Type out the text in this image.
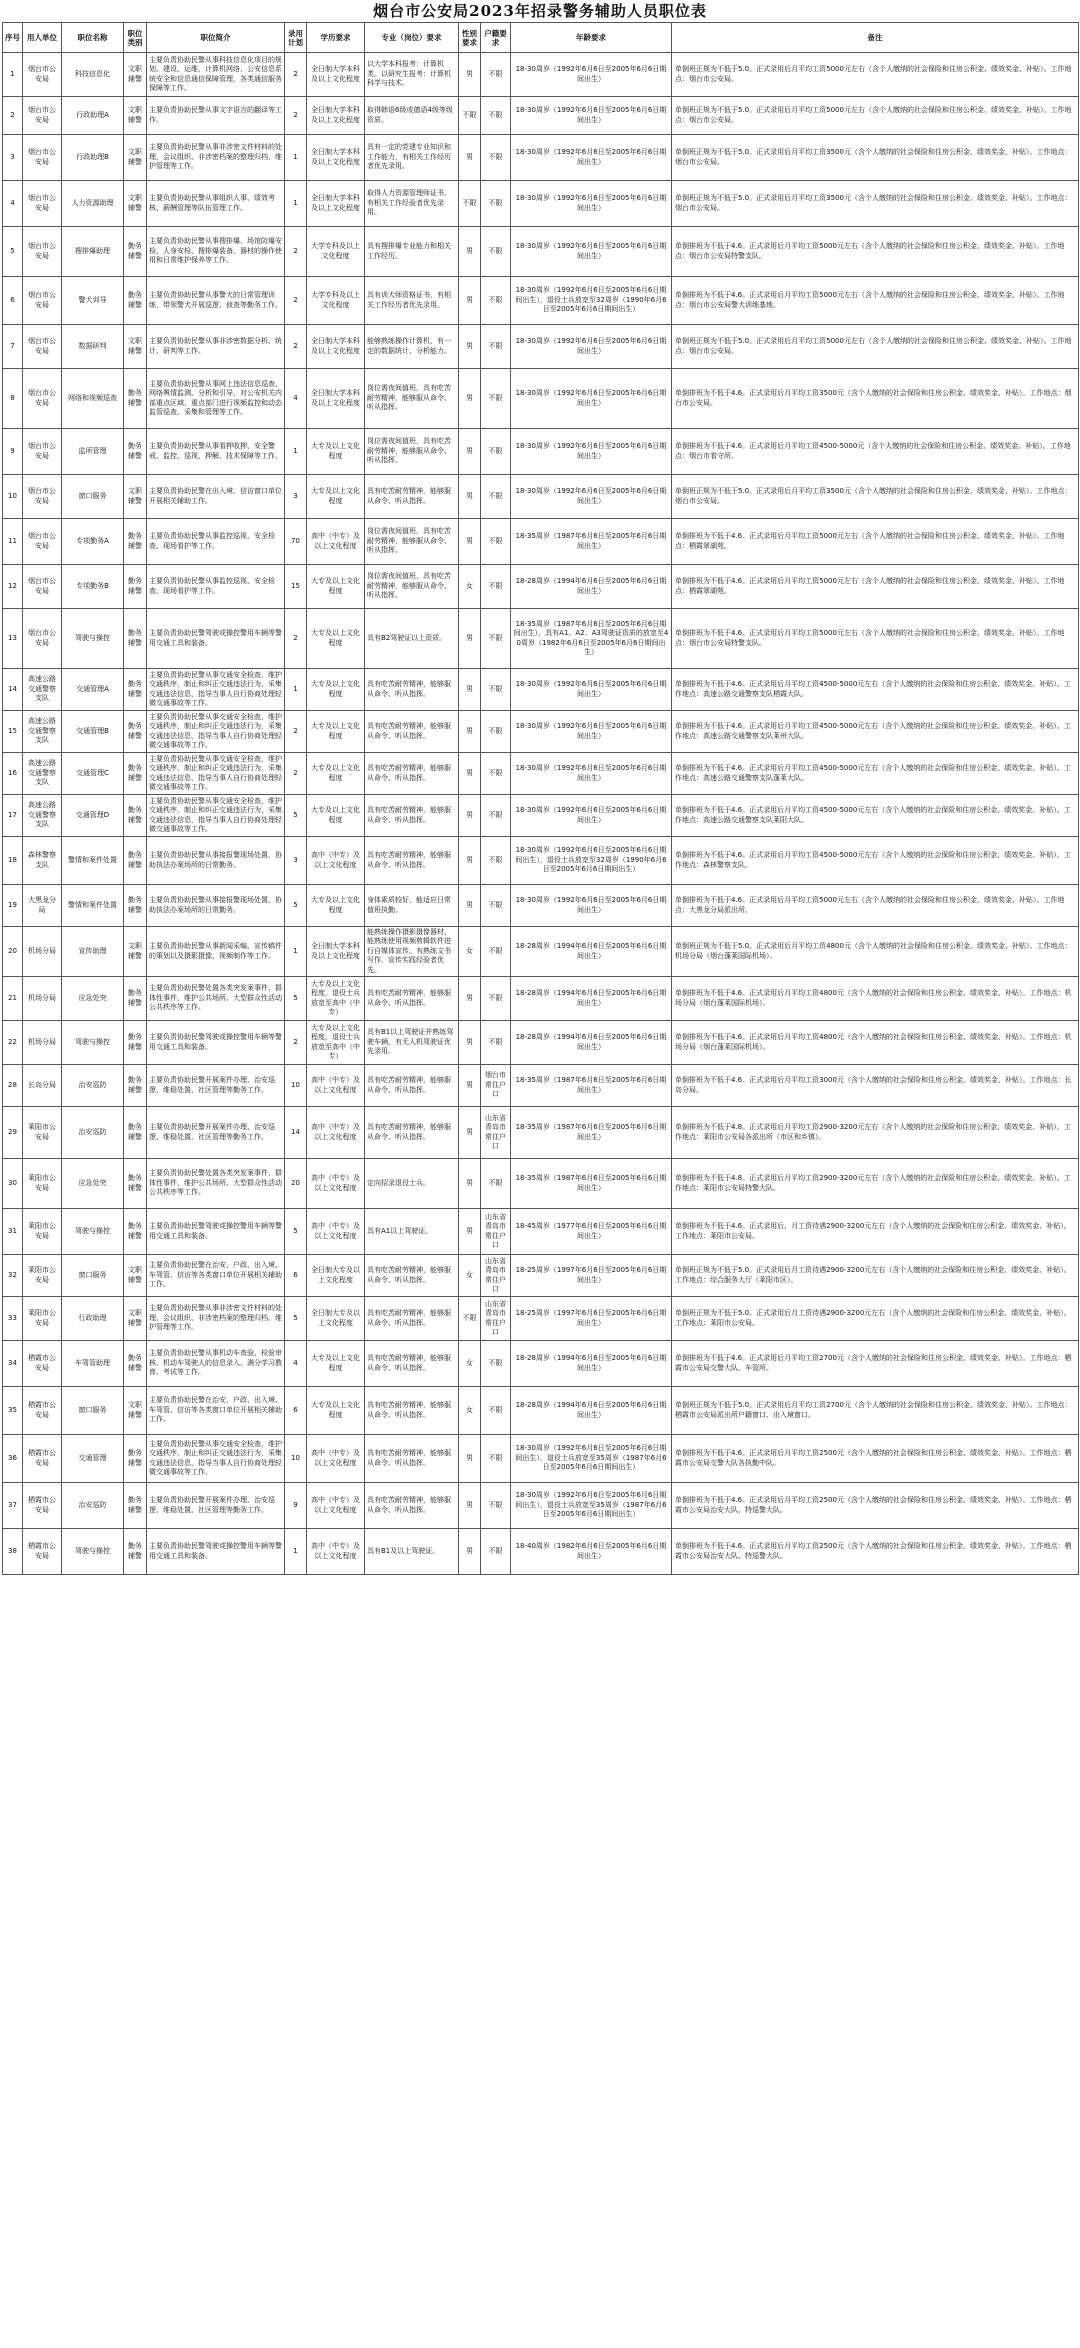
烟台市公安局2023年招录警务辅助人员职位表
序号	用人单位	职位名称	职位类别	职位简介	录用计划	学历要求	专业（岗位）要求	性别要求	户籍要求	年龄要求	备注
1	烟台市公安局	科技信息化	文职辅警	主要负责协助民警从事科技信息化项目的规划、建设、运维，计算机网络、公安信息系统安全和信息通信保障管理，各类通信服务保障等工作。	2	全日制大学本科及以上文化程度	以大学本科报考：计算机类。以研究生报考：计算机科学与技术。	男	不限	18-30周岁（1992年6月6日至2005年6月6日期间出生）	单倒班正规为不低于5.0。正式录用后月平均工资5000元左右（含个人缴纳的社会保险和住房公积金、绩效奖金、补贴）。工作地点：烟台市公安局。
2	烟台市公安局	行政助理A	文职辅警	主要负责协助民警从事文字语言的翻译等工作。	2	全日制大学本科及以上文化程度	取得韩语6级或德语4级等级资质。	不限	不限	18-30周岁（1992年6月6日至2005年6月6日期间出生）	单倒班正规为不低于5.0。正式录用后月平均工资5000元左右（含个人缴纳的社会保险和住房公积金、绩效奖金、补贴）。工作地点：烟台市公安局。
3	烟台市公安局	行政助理B	文职辅警	主要负责协助民警从事非涉密文件材料的处理、会议组织、非涉密档案的整理归档、维护管理等工作。	1	全日制大学本科及以上文化程度	具有一定的党建专业知识和工作能力，有相关工作经历者优先录用。	男	不限	18-30周岁（1992年6月6日至2005年6月6日期间出生）	单倒班正规为不低于5.0。正式录用后月平均工资3500元（含个人缴纳的社会保险和住房公积金、绩效奖金、补贴）。工作地点：烟台市公安局。
4	烟台市公安局	人力资源助理	文职辅警	主要负责协助民警从事组织人事、绩效考核、薪酬管理等队伍管理工作。	1	全日制大学本科及以上文化程度	取得人力资源管理师证书，有相关工作经验者优先录用。	不限	不限	18-30周岁（1992年6月6日至2005年6月6日期间出生）	单倒班正规为不低于5.0。正式录用后月平均工资3500元（含个人缴纳的社会保险和住房公积金、绩效奖金、补贴）。工作地点：烟台市公安局。
5	烟台市公安局	搜排爆助理	勤务辅警	主要负责协助民警从事搜排爆、场馆防爆安检、人身安检、搜排爆装备、器材的操作使用和日常维护保养等工作。	2	大学专科及以上文化程度	具有搜排爆专业能力和相关工作经历。	男	不限	18-30周岁（1992年6月6日至2005年6月6日期间出生）	单倒排班为不低于4.6。正式录用后月平均工资5000元左右（含个人缴纳的社会保险和住房公积金、绩效奖金、补贴）。工作地点：烟台市公安局特警支队。
6	烟台市公安局	警犬训导	勤务辅警	主要负责协助民警从事警犬的日常管理训练，带领警犬开展巡逻、侦查等勤务工作。	2	大学专科及以上文化程度	具有训犬师资格证书，有相关工作经历者优先录用。	男	不限	18-30周岁（1992年6月6日至2005年6月6日期间出生），退役士兵放宽至32周岁（1990年6月6日至2005年6月6日期间出生）	单倒排班为不低于4.6。正式录用后月平均工资5000元左右（含个人缴纳的社会保险和住房公积金、绩效奖金、补贴）。工作地点：烟台市公安局警犬训练基地。
7	烟台市公安局	数据研判	文职辅警	主要负责协助民警从事非涉密数据分析、统计、研判等工作。	2	全日制大学本科及以上文化程度	能够熟练操作计算机，有一定的数据统计、分析能力。	男	不限	18-30周岁（1992年6月6日至2005年6月6日期间出生）	单倒班正规为不低于5.0。正式录用后月平均工资5000元左右（含个人缴纳的社会保险和住房公积金、绩效奖金、补贴）。工作地点：烟台市公安局。
8	烟台市公安局	网络和视频巡查	勤务辅警	主要负责协助民警从事网上违法信息巡查、网络舆情监测、分析和引导，对公安机关内部重点区域、重点部门进行视频监控和动态监管巡查、采集和管理等工作。	4	全日制大学本科及以上文化程度	岗位需夜间值班，具有吃苦耐劳精神，能够服从命令、听从指挥。	男	不限	18-30周岁（1992年6月6日至2005年6月6日期间出生）	单倒排班为不低于4.6。正式录用后月平均工资3500元（含个人缴纳的社会保险和住房公积金、绩效奖金、补贴）。工作地点：烟台市公安局。
9	烟台市公安局	监所管理	勤务辅警	主要负责协助民警从事看押收押、安全警戒、监控、巡视、押解、技术保障等工作。	1	大专及以上文化程度	岗位需夜间值班，具有吃苦耐劳精神，能够服从命令、听从指挥。	男	不限	18-30周岁（1992年6月6日至2005年6月6日期间出生）	单倒排班为不低于4.6。正式录用后月平均工资4500-5000元（含个人缴纳的社会保险和住房公积金、绩效奖金、补贴）。工作地点：烟台市看守所。
10	烟台市公安局	窗口服务	文职辅警	主要负责协助民警在出入境、信访窗口单位开展相关辅助工作。	3	大专及以上文化程度	具有吃苦耐劳精神，能够服从命令、听从指挥。	男	不限	18-30周岁（1992年6月6日至2005年6月6日期间出生）	单倒班正规为不低于5.0。正式录用后月平均工资3500元（含个人缴纳的社会保险和住房公积金、绩效奖金、补贴）。工作地点：烟台市公安局。
11	烟台市公安局	专项勤务A	勤务辅警	主要负责协助民警从事监控巡视、安全检查、现场看护等工作。	70	高中（中专）及以上文化程度	岗位需夜间值班，具有吃苦耐劳精神，能够服从命令、听从指挥。	男	不限	18-35周岁（1987年6月6日至2005年6月6日期间出生）	单倒排班为不低于4.6。正式录用后月平均工资5000元左右（含个人缴纳的社会保险和住房公积金、绩效奖金、补贴）。工作地点：栖霞翠湖苑。
12	烟台市公安局	专项勤务B	勤务辅警	主要负责协助民警从事监控巡视、安全检查、现场看护等工作。	15	大专及以上文化程度	岗位需夜间值班，具有吃苦耐劳精神，能够服从命令、听从指挥。	女	不限	18-28周岁（1994年6月6日至2005年6月6日期间出生）	单倒排班为不低于4.6。正式录用后月平均工资5000元左右（含个人缴纳的社会保险和住房公积金、绩效奖金、补贴）。工作地点：栖霞翠湖苑。
13	烟台市公安局	驾驶与操控	勤务辅警	主要负责协助民警驾驶或操控警用车辆等警用交通工具和装备。	2	大专及以上文化程度	具有B2驾驶证以上资质。	男	不限	18-35周岁（1987年6月6日至2005年6月6日期间出生），具有A1、A2、A3驾驶证资质的放宽至40周岁（1982年6月6日至2005年6月6日期间出生）	单倒排班为不低于4.6。正式录用后月平均工资5000元左右（含个人缴纳的社会保险和住房公积金、绩效奖金、补贴）。工作地点：烟台市公安局特警支队。
14	高速公路交通警察支队	交通管理A	勤务辅警	主要负责协助民警从事交通安全检查，维护交通秩序，制止和纠正交通违法行为，采集交通违法信息，指导当事人自行协商处理轻微交通事故等工作。	1	大专及以上文化程度	具有吃苦耐劳精神，能够服从命令、听从指挥。	男	不限	18-30周岁（1992年6月6日至2005年6月6日期间出生）	单倒排班为不低于4.6。正式录用后月平均工资4500-5000元左右（含个人缴纳的社会保险和住房公积金、绩效奖金、补贴）。工作地点：高速公路交通警察支队栖霞大队。
15	高速公路交通警察支队	交通管理B	勤务辅警	主要负责协助民警从事交通安全检查，维护交通秩序，制止和纠正交通违法行为，采集交通违法信息，指导当事人自行协商处理轻微交通事故等工作。	2	大专及以上文化程度	具有吃苦耐劳精神，能够服从命令、听从指挥。	男	不限	18-30周岁（1992年6月6日至2005年6月6日期间出生）	单倒排班为不低于4.6。正式录用后月平均工资4500-5000元左右（含个人缴纳的社会保险和住房公积金、绩效奖金、补贴）。工作地点：高速公路交通警察支队莱州大队。
16	高速公路交通警察支队	交通管理C	勤务辅警	主要负责协助民警从事交通安全检查，维护交通秩序，制止和纠正交通违法行为，采集交通违法信息，指导当事人自行协商处理轻微交通事故等工作。	2	大专及以上文化程度	具有吃苦耐劳精神，能够服从命令、听从指挥。	男	不限	18-30周岁（1992年6月6日至2005年6月6日期间出生）	单倒排班为不低于4.6。正式录用后月平均工资4500-5000元左右（含个人缴纳的社会保险和住房公积金、绩效奖金、补贴）。工作地点：高速公路交通警察支队蓬莱大队。
17	高速公路交通警察支队	交通管理D	勤务辅警	主要负责协助民警从事交通安全检查，维护交通秩序，制止和纠正交通违法行为，采集交通违法信息，指导当事人自行协商处理轻微交通事故等工作。	5	大专及以上文化程度	具有吃苦耐劳精神，能够服从命令、听从指挥。	男	不限	18-30周岁（1992年6月6日至2005年6月6日期间出生）	单倒排班为不低于4.6。正式录用后月平均工资4500-5000元左右（含个人缴纳的社会保险和住房公积金、绩效奖金、补贴）。工作地点：高速公路交通警察支队莱阳大队。
18	森林警察支队	警情和案件处置	勤务辅警	主要负责协助民警从事接报警现场处置，协助执法办案场所的日常勤务。	3	高中（中专）及以上文化程度	具有吃苦耐劳精神，能够服从命令、听从指挥。	男	不限	18-30周岁（1992年6月6日至2005年6月6日期间出生），退役士兵放宽至32周岁（1990年6月6日至2005年6月6日期间出生）	单倒排班为不低于4.6。正式录用后月平均工资4500-5000元左右（含个人缴纳的社会保险和住房公积金、绩效奖金、补贴）。工作地点：森林警察支队。
19	大黑龙分局	警情和案件处置	勤务辅警	主要负责协助民警从事接报警现场处置，协助执法办案场所的日常勤务。	5	大专及以上文化程度	身体素质较好，能适应日常值班执勤。	男	不限	18-30周岁（1992年6月6日至2005年6月6日期间出生）	单倒排班为不低于4.6。正式录用后月平均工资5000元左右（含个人缴纳的社会保险和住房公积金、绩效奖金、补贴）。工作地点：大黑龙分局派出所。
20	机场分局	宣传助理	文职辅警	主要负责协助民警从事新闻采编、宣传稿件的策划以及摄影摄像、视频制作等工作。	1	全日制大学本科及以上文化程度	能熟练操作摄影摄像器材，能熟练使用视频剪辑软件进行自媒体宣传。有熟练文书写作、宣传实践经验者优先。	女	不限	18-28周岁（1994年6月6日至2005年6月6日期间出生）	单倒班正规为不低于5.0。正式录用后月平均工资4800元（含个人缴纳的社会保险和住房公积金、绩效奖金、补贴）。工作地点：机场分局（烟台蓬莱国际机场）。
21	机场分局	应急处突	勤务辅警	主要负责协助民警处置各类突发案事件、群体性事件，维护公共场所、大型群众性活动公共秩序等工作。	5	大专及以上文化程度，退役士兵放宽至高中（中专）	具有吃苦耐劳精神，能够服从命令、听从指挥。	男	不限	18-28周岁（1994年6月6日至2005年6月6日期间出生）	单倒排班为不低于4.6。正式录用后月平均工资4800元（含个人缴纳的社会保险和住房公积金、绩效奖金、补贴）。工作地点：机场分局（烟台蓬莱国际机场）。
22	机场分局	驾驶与操控	勤务辅警	主要负责协助民警驾驶或操控警用车辆等警用交通工具和装备。	2	大专及以上文化程度，退役士兵放宽至高中（中专）	具有B1以上驾驶证并熟练驾驶车辆，有无人机驾驶证优先录用。	男	不限	18-28周岁（1994年6月6日至2005年6月6日期间出生）	单倒排班为不低于4.6。正式录用后月平均工资4800元（含个人缴纳的社会保险和住房公积金、绩效奖金、补贴）。工作地点：机场分局（烟台蓬莱国际机场）。
28	长岛分局	治安巡防	勤务辅警	主要负责协助民警开展案件办理、治安巡逻、维稳处置、社区管理等勤务工作。	10	高中（中专）及以上文化程度	具有吃苦耐劳精神，能够服从命令、听从指挥。	男	烟台市常住户口	18-35周岁（1987年6月6日至2005年6月6日期间出生）	单倒排班为不低于4.6。正式录用后月平均工资3000元（含个人缴纳的社会保险和住房公积金、绩效奖金、补贴）。工作地点：长岛分局。
29	莱阳市公安局	治安巡防	勤务辅警	主要负责协助民警开展案件办理、治安巡逻、维稳处置、社区管理等勤务工作。	14	高中（中专）及以上文化程度	具有吃苦耐劳精神，能够服从命令、听从指挥。	男	山东省青岛市常住户口	18-35周岁（1987年6月6日至2005年6月6日期间出生）	单倒排班为不低于4.8。正式录用后月平均工资2900-3200元左右（含个人缴纳的社会保险和住房公积金、绩效奖金、补贴）。工作地点：莱阳市公安局各派出所（市区和乡镇）。
30	莱阳市公安局	应急处突	勤务辅警	主要负责协助民警处置各类突发案事件、群体性事件，维护公共场所、大型群众性活动公共秩序等工作。	20	高中（中专）及以上文化程度	定向招录退役士兵。	男	不限	18-35周岁（1987年6月6日至2005年6月6日期间出生）	单倒排班为不低于4.8。正式录用后月平均工资2900-3200元左右（含个人缴纳的社会保险和住房公积金、绩效奖金、补贴）。工作地点：莱阳市公安局特警大队。
31	莱阳市公安局	驾驶与操控	勤务辅警	主要负责协助民警驾驶或操控警用车辆等警用交通工具和装备。	5	高中（中专）及以上文化程度	具有A1以上驾驶证。	男	山东省青岛市常住户口	18-45周岁（1977年6月6日至2005年6月6日期间出生）	单倒排班为不低于4.6。正式录用后，月工资待遇2900-3200元左右（含个人缴纳的社会保险和住房公积金、绩效奖金、补贴）。工作地点：莱阳市公安局。
32	莱阳市公安局	窗口服务	文职辅警	主要负责协助民警在治安、户政、出入境、车驾管、信访等各类窗口单位开展相关辅助工作。	6	全日制大专及以上文化程度	具有吃苦耐劳精神，能够服从命令、听从指挥。	女	山东省青岛市常住户口	18-25周岁（1997年6月6日至2005年6月6日期间出生）	单倒班正规为不低于5.0。正式录用后月工资待遇2900-3200元左右（含个人缴纳的社会保险和住房公积金、绩效奖金、补贴）。工作地点：综合服务大厅（莱阳市区）。
33	莱阳市公安局	行政助理	文职辅警	主要负责协助民警从事非涉密文件材料的处理、会议组织、非涉密档案的整理归档、维护管理等工作。	5	全日制大专及以上文化程度	具有吃苦耐劳精神，能够服从命令、听从指挥。	不限	山东省青岛市常住户口	18-25周岁（1997年6月6日至2005年6月6日期间出生）	单倒班正规为不低于5.0。正式录用后月工资待遇2900-3200元左右（含个人缴纳的社会保险和住房公积金、绩效奖金、补贴）。工作地点：莱阳市公安局。
34	栖霞市公安局	车驾管助理	勤务辅警	主要负责协助民警从事机动车查验、检验审核、机动车驾驶人的信息录入、满分学习教育、考试等工作。	4	大专及以上文化程度	具有吃苦耐劳精神，能够服从命令、听从指挥。	女	不限	18-28周岁（1994年6月6日至2005年6月6日期间出生）	单倒排班为不低于4.6。正式录用后月平均工资2700元（含个人缴纳的社会保险和住房公积金、绩效奖金、补贴）。工作地点：栖霞市公安局交警大队、车管所。
35	栖霞市公安局	窗口服务	文职辅警	主要负责协助民警在治安、户政、出入境、车驾管、信访等各类窗口单位开展相关辅助工作。	6	大专及以上文化程度	具有吃苦耐劳精神，能够服从命令、听从指挥。	女	不限	18-28周岁（1994年6月6日至2005年6月6日期间出生）	单倒班正规为不低于5.0。正式录用后月平均工资2700元（含个人缴纳的社会保险和住房公积金、绩效奖金、补贴）。工作地点：栖霞市公安局派出所户籍窗口、出入境窗口。
36	栖霞市公安局	交通管理	勤务辅警	主要负责协助民警从事交通安全检查，维护交通秩序，制止和纠正交通违法行为，采集交通违法信息，指导当事人自行协商处理轻微交通事故等工作。	10	高中（中专）及以上文化程度	具有吃苦耐劳精神，能够服从命令、听从指挥。	男	不限	18-30周岁（1992年6月6日至2005年6月6日期间出生），退役士兵放宽至35周岁（1987年6月6日至2005年6月6日期间出生）	单倒排班为不低于4.6。正式录用后月平均工资2500元（含个人缴纳的社会保险和住房公积金、绩效奖金、补贴）。工作地点：栖霞市公安局交警大队各执勤中队。
37	栖霞市公安局	治安巡防	勤务辅警	主要负责协助民警开展案件办理、治安巡逻、维稳处置、社区管理等勤务工作。	9	高中（中专）及以上文化程度	具有吃苦耐劳精神，能够服从命令、听从指挥。	男	不限	18-30周岁（1992年6月6日至2005年6月6日期间出生），退役士兵放宽至35周岁（1987年6月6日至2005年6月6日期间出生）	单倒排班为不低于4.6。正式录用后月平均工资2500元（含个人缴纳的社会保险和住房公积金、绩效奖金、补贴）。工作地点：栖霞市公安局治安大队、特巡警大队。
38	栖霞市公安局	驾驶与操控	勤务辅警	主要负责协助民警驾驶或操控警用车辆等警用交通工具和装备。	1	高中（中专）及以上文化程度	具有B1及以上驾驶证。	男	不限	18-40周岁（1982年6月6日至2005年6月6日期间出生）	单倒排班为不低于4.6。正式录用后月平均工资2500元（含个人缴纳的社会保险和住房公积金、绩效奖金、补贴）。工作地点：栖霞市公安局治安大队、特巡警大队。
